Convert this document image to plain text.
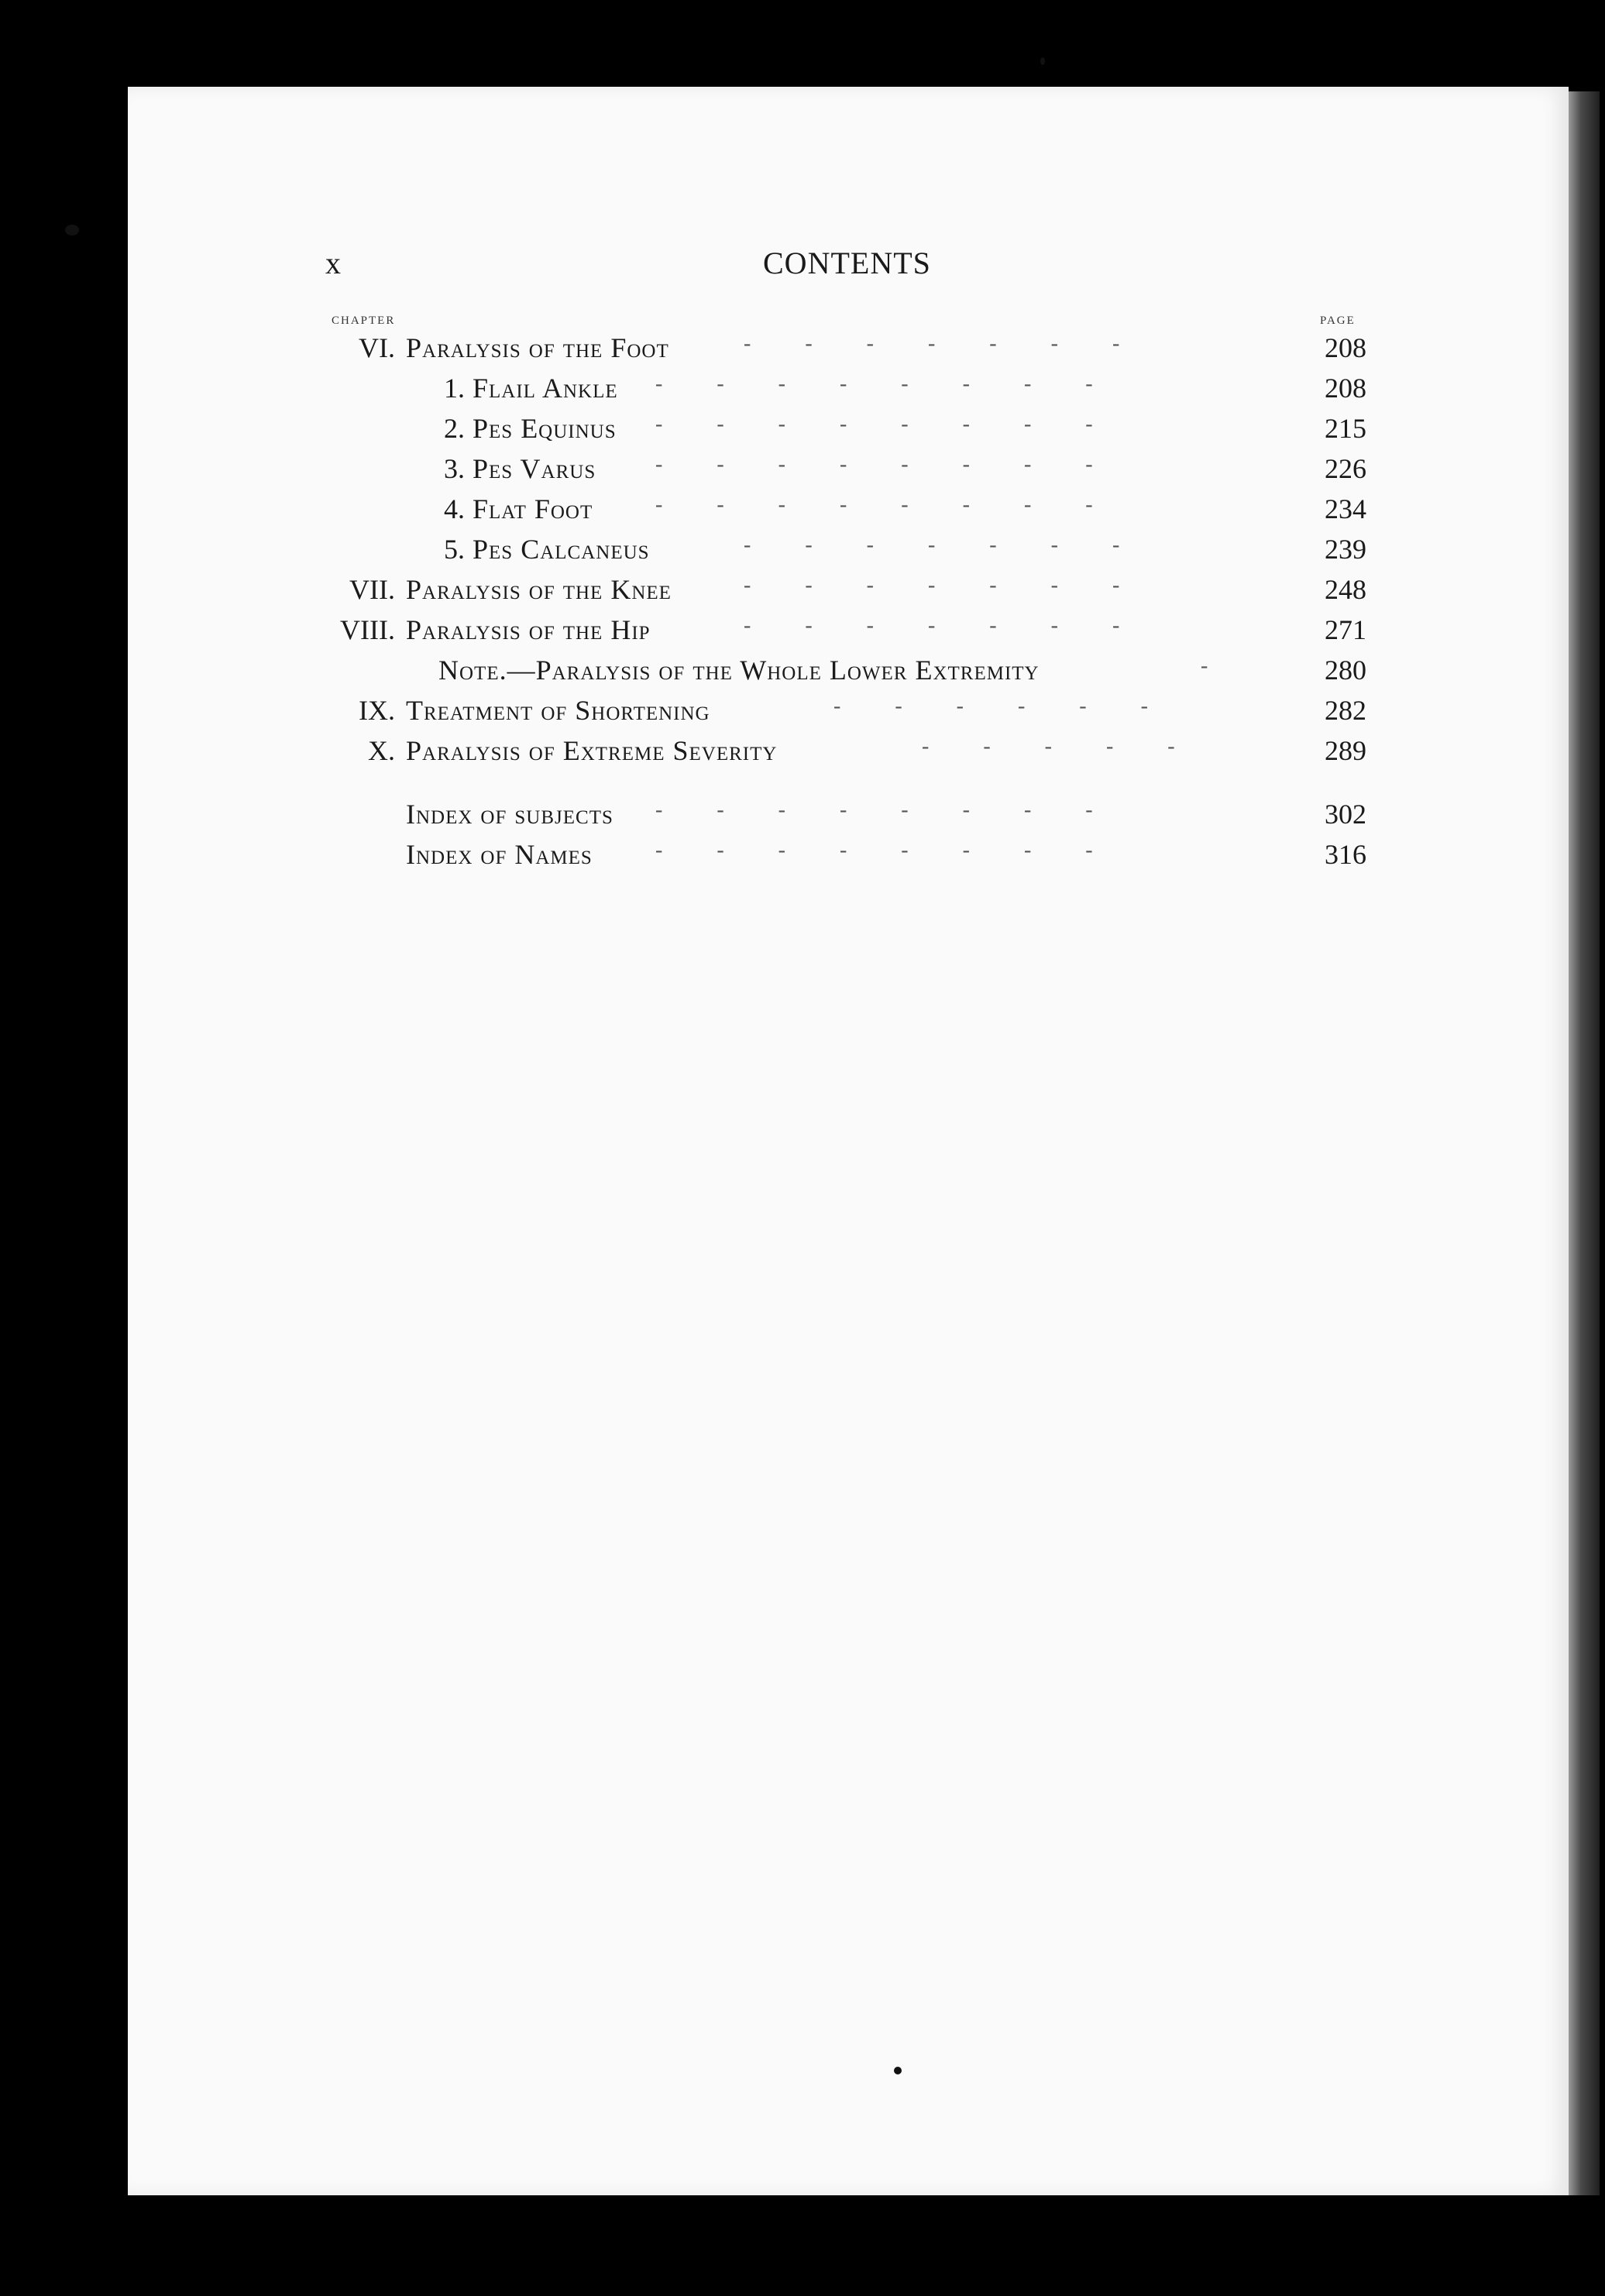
x	CONTENTS
CHAPTER	PAGE
VI. Paralysis of the Foot	-          -          -          -          -          -          -	208
1. Flail Ankle -          -          -          -          -          -          -          -	208
2. Pes Equinus -          -          -          -          -          -          -          -	215
3. Pes Varus	-          -          -          -          -          -          -          -	226
4. Flat Foot	-          -          -          -          -          -          -          -	234
5. Pes Calcaneus	-          -          -          -          -          -          -	239
VII. Paralysis of the Knee	-          -          -          -          -          -          -	248
VIII. Paralysis of the Hip	-          -          -          -          -          -          -	271
Note.—Paralysis of the Whole Lower Extremity	-	280
IX. Treatment of Shortening	-          -          -          -          -          -	282
X. Paralysis of Extreme Severity	-          -          -          -          -	289
Index of subjects -          -          -          -          -          -          -          -	302
Index of Names	-          -          -          -          -          -          -          -	316
